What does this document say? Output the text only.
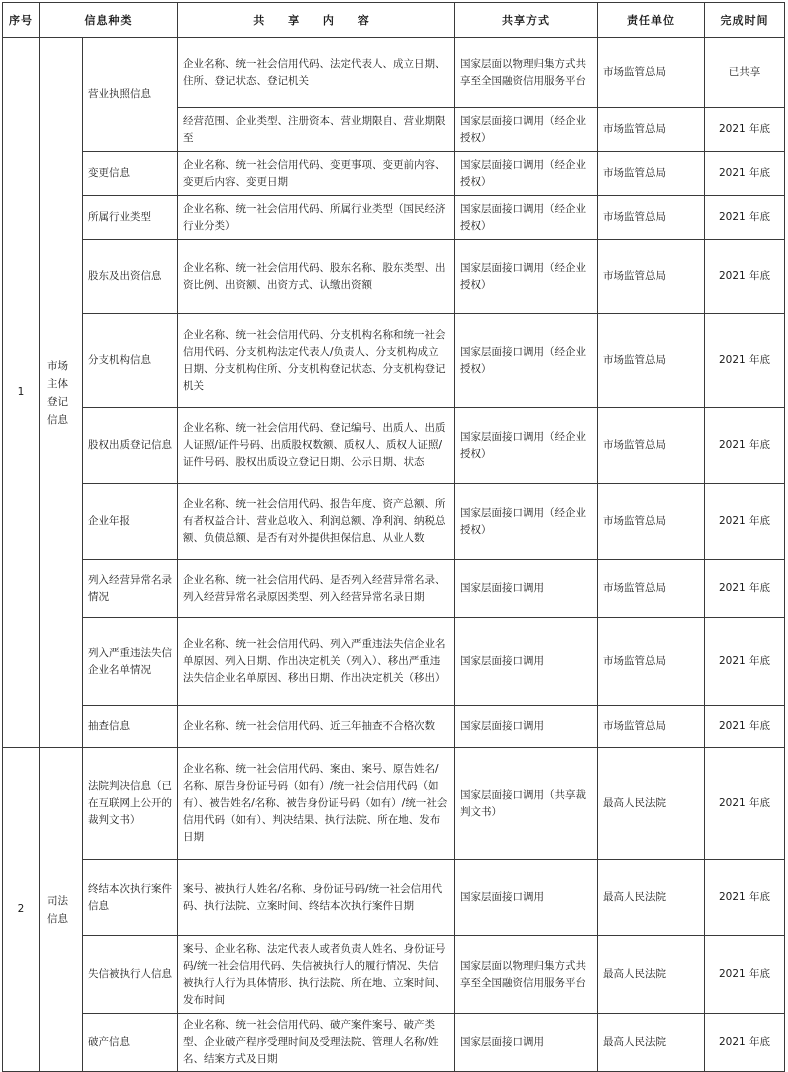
序号	信息种类		共 享 内 容	共享方式	责任单位	完成时间
1	市场主体登记信息	营业执照信息	企业名称、统一社会信用代码、法定代表人、成立日期、住所、登记状态、登记机关	国家层面以物理归集方式共享至全国融资信用服务平台	市场监管总局	已共享
			经营范围、企业类型、注册资本、营业期限自、营业期限至	国家层面接口调用（经企业授权）	市场监管总局	2021 年底
		变更信息	企业名称、统一社会信用代码、变更事项、变更前内容、变更后内容、变更日期	国家层面接口调用（经企业授权）	市场监管总局	2021 年底
		所属行业类型	企业名称、统一社会信用代码、所属行业类型（国民经济行业分类）	国家层面接口调用（经企业授权）	市场监管总局	2021 年底
		股东及出资信息	企业名称、统一社会信用代码、股东名称、股东类型、出资比例、出资额、出资方式、认缴出资额	国家层面接口调用（经企业授权）	市场监管总局	2021 年底
		分支机构信息	企业名称、统一社会信用代码、分支机构名称和统一社会信用代码、分支机构法定代表人/负责人、分支机构成立日期、分支机构住所、分支机构登记状态、分支机构登记机关	国家层面接口调用（经企业授权）	市场监管总局	2021 年底
		股权出质登记信息	企业名称、统一社会信用代码、登记编号、出质人、出质人证照/证件号码、出质股权数额、质权人、质权人证照/证件号码、股权出质设立登记日期、公示日期、状态	国家层面接口调用（经企业授权）	市场监管总局	2021 年底
		企业年报	企业名称、统一社会信用代码、报告年度、资产总额、所有者权益合计、营业总收入、利润总额、净利润、纳税总额、负债总额、是否有对外提供担保信息、从业人数	国家层面接口调用（经企业授权）	市场监管总局	2021 年底
		列入经营异常名录情况	企业名称、统一社会信用代码、是否列入经营异常名录、列入经营异常名录原因类型、列入经营异常名录日期	国家层面接口调用	市场监管总局	2021 年底
		列入严重违法失信企业名单情况	企业名称、统一社会信用代码、列入严重违法失信企业名单原因、列入日期、作出决定机关（列入）、移出严重违法失信企业名单原因、移出日期、作出决定机关（移出）	国家层面接口调用	市场监管总局	2021 年底
		抽查信息	企业名称、统一社会信用代码、近三年抽查不合格次数	国家层面接口调用	市场监管总局	2021 年底
2	司法信息	法院判决信息（已在互联网上公开的裁判文书）	企业名称、统一社会信用代码、案由、案号、原告姓名/名称、原告身份证号码（如有）/统一社会信用代码（如有）、被告姓名/名称、被告身份证号码（如有）/统一社会信用代码（如有）、判决结果、执行法院、所在地、发布日期	国家层面接口调用（共享裁判文书）	最高人民法院	2021 年底
		终结本次执行案件信息	案号、被执行人姓名/名称、身份证号码/统一社会信用代码、执行法院、立案时间、终结本次执行案件日期	国家层面接口调用	最高人民法院	2021 年底
		失信被执行人信息	案号、企业名称、法定代表人或者负责人姓名、身份证号码/统一社会信用代码、失信被执行人的履行情况、失信被执行人行为具体情形、执行法院、所在地、立案时间、发布时间	国家层面以物理归集方式共享至全国融资信用服务平台	最高人民法院	2021 年底
		破产信息	企业名称、统一社会信用代码、破产案件案号、破产类型、企业破产程序受理时间及受理法院、管理人名称/姓名、结案方式及日期	国家层面接口调用	最高人民法院	2021 年底
